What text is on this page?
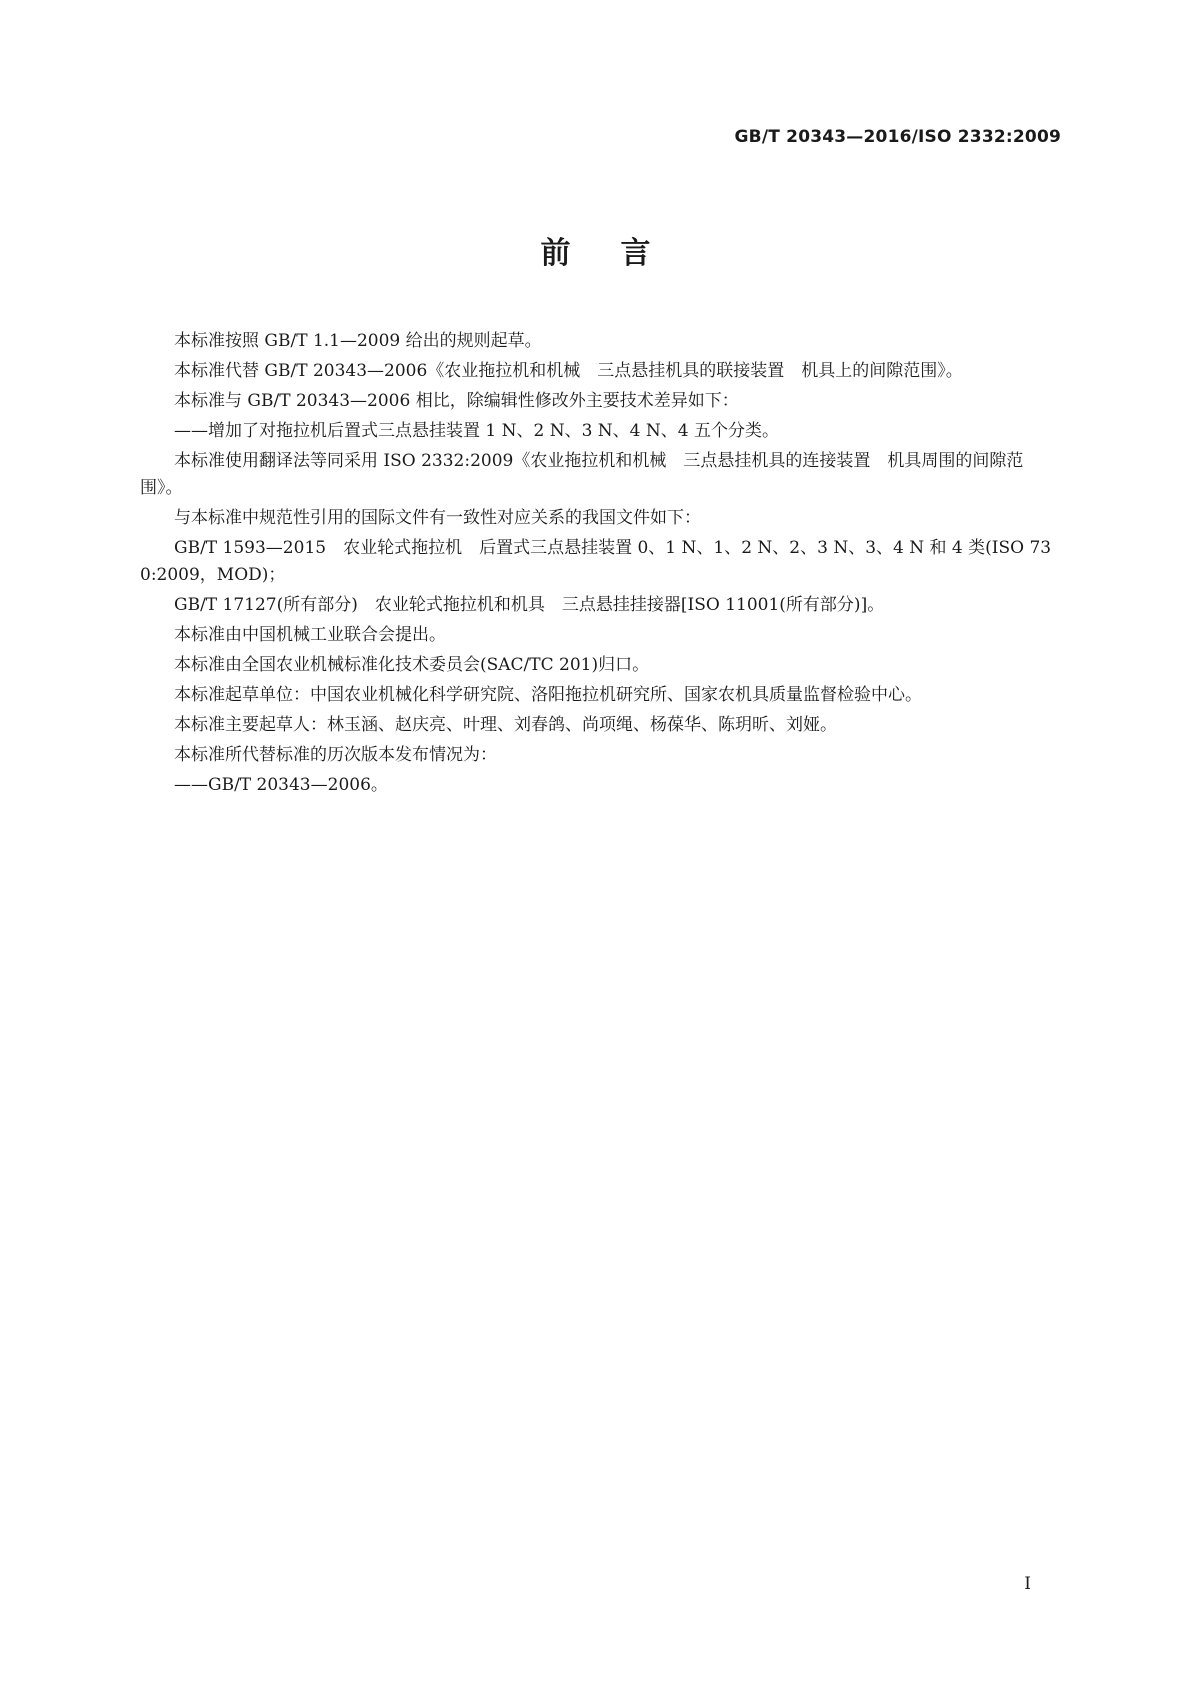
GB/T 20343—2016/ISO 2332:2009
前言

本标准按照 GB/T 1.1—2009 给出的规则起草。

本标准代替 GB/T 20343—2006《农业拖拉机和机械　三点悬挂机具的联接装置　机具上的间隙范围》。

本标准与 GB/T 20343—2006 相比，除编辑性修改外主要技术差异如下：

——增加了对拖拉机后置式三点悬挂装置 1 N、2 N、3 N、4 N、4 五个分类。

本标准使用翻译法等同采用 ISO 2332:2009《农业拖拉机和机械　三点悬挂机具的连接装置　机具周围的间隙范围》。

与本标准中规范性引用的国际文件有一致性对应关系的我国文件如下：

GB/T 1593—2015　农业轮式拖拉机　后置式三点悬挂装置 0、1 N、1、2 N、2、3 N、3、4 N 和 4 类(ISO 730:2009，MOD)；

GB/T 17127(所有部分)　农业轮式拖拉机和机具　三点悬挂挂接器[ISO 11001(所有部分)]。

本标准由中国机械工业联合会提出。

本标准由全国农业机械标准化技术委员会(SAC/TC 201)归口。

本标准起草单位：中国农业机械化科学研究院、洛阳拖拉机研究所、国家农机具质量监督检验中心。

本标准主要起草人：林玉涵、赵庆亮、叶理、刘春鸽、尚项绳、杨葆华、陈玥昕、刘娅。

本标准所代替标准的历次版本发布情况为：

——GB/T 20343—2006。

I
